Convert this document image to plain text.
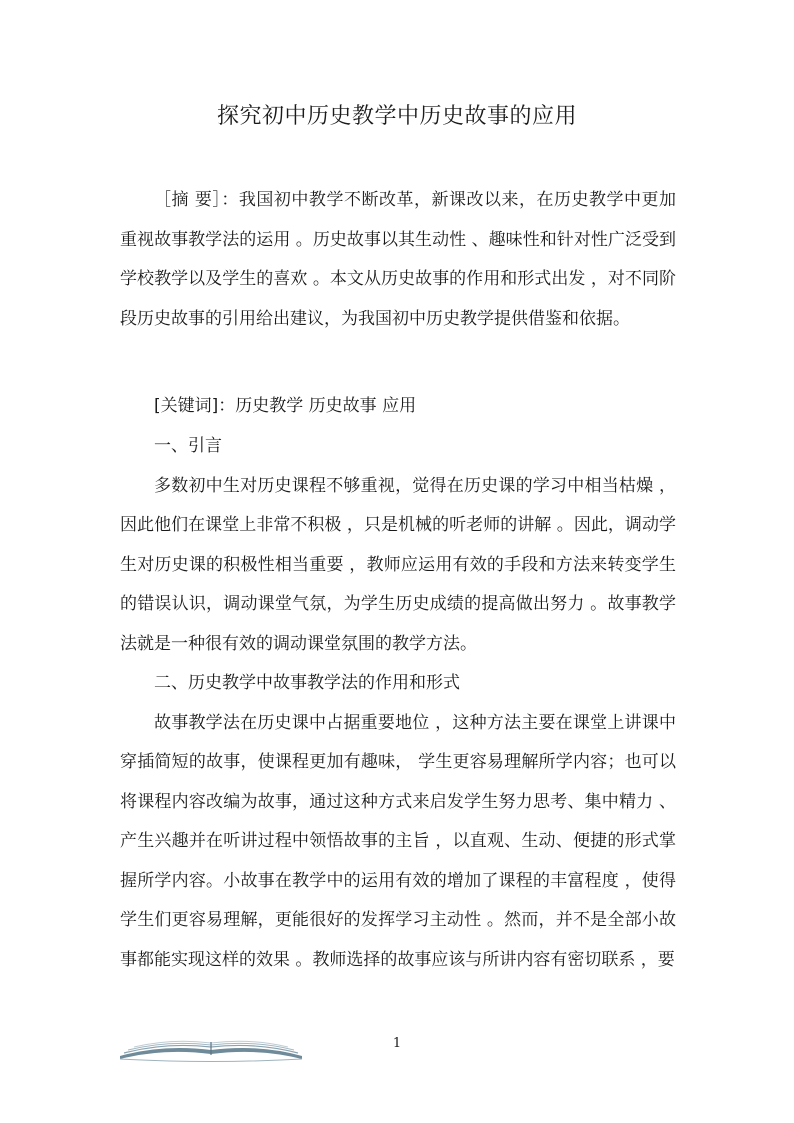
探究初中历史教学中历史故事的应用

［摘 要］：我国初中教学不断改革，新课改以来，在历史教学中更加重视故事教学法的运用 。历史故事以其生动性 、趣味性和针对性广泛受到学校教学以及学生的喜欢 。本文从历史故事的作用和形式出发 ，对不同阶段历史故事的引用给出建议，为我国初中历史教学提供借鉴和依据。

[关键词]：历史教学 历史故事 应用

一、引言

多数初中生对历史课程不够重视，觉得在历史课的学习中相当枯燥 ，因此他们在课堂上非常不积极 ，只是机械的听老师的讲解 。因此，调动学生对历史课的积极性相当重要 ，教师应运用有效的手段和方法来转变学生的错误认识，调动课堂气氛，为学生历史成绩的提高做出努力 。故事教学法就是一种很有效的调动课堂氛围的教学方法。

二、历史教学中故事教学法的作用和形式

故事教学法在历史课中占据重要地位 ，这种方法主要在课堂上讲课中穿插简短的故事，使课程更加有趣味， 学生更容易理解所学内容；也可以将课程内容改编为故事，通过这种方式来启发学生努力思考、集中精力 、产生兴趣并在听讲过程中领悟故事的主旨 ，以直观、生动、便捷的形式掌握所学内容。小故事在教学中的运用有效的增加了课程的丰富程度 ，使得学生们更容易理解，更能很好的发挥学习主动性 。然而，并不是全部小故事都能实现这样的效果 。教师选择的故事应该与所讲内容有密切联系 ，要

1
